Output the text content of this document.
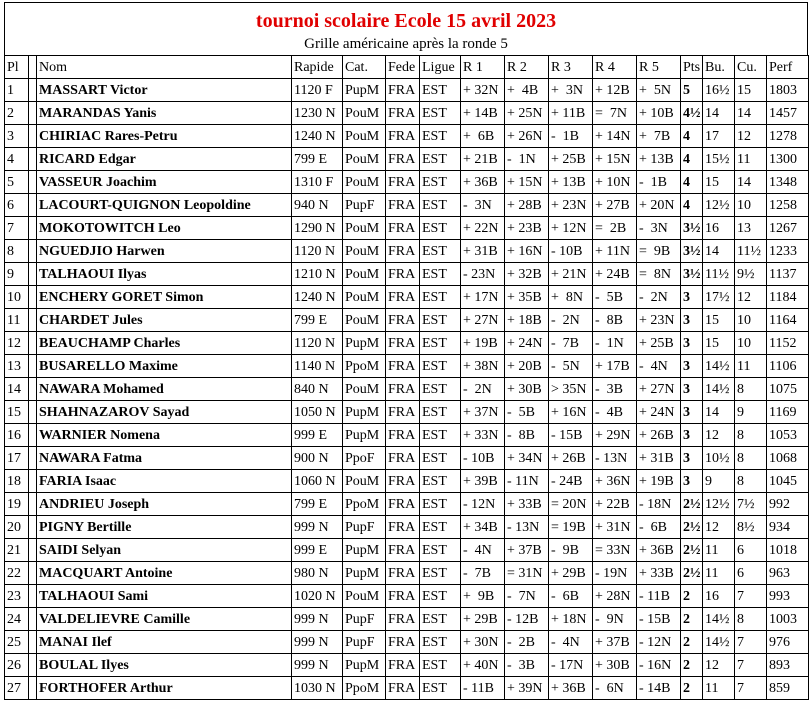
tournoi scolaire Ecole 15 avril 2023
Grille américaine après la ronde 5
Pl		Nom	Rapide	Cat.	Fede	Ligue	R 1	R 2	R 3	R 4	R 5	Pts	Bu.	Cu.	Perf
1		MASSART Victor	1120 F	PupM	FRA	EST	+ 32N	+  4B	+  3N	+ 12B	+  5N	5	16½	15	1803
2		MARANDAS Yanis	1230 N	PouM	FRA	EST	+ 14B	+ 25N	+ 11B	=  7N	+ 10B	4½	14	14	1457
3		CHIRIAC Rares-Petru	1240 N	PouM	FRA	EST	+  6B	+ 26N	-  1B	+ 14N	+  7B	4	17	12	1278
4		RICARD Edgar	799 E	PouM	FRA	EST	+ 21B	-  1N	+ 25B	+ 15N	+ 13B	4	15½	11	1300
5		VASSEUR Joachim	1310 F	PouM	FRA	EST	+ 36B	+ 15N	+ 13B	+ 10N	-  1B	4	15	14	1348
6		LACOURT-QUIGNON Leopoldine	940 N	PupF	FRA	EST	-  3N	+ 28B	+ 23N	+ 27B	+ 20N	4	12½	10	1258
7		MOKOTOWITCH Leo	1290 N	PouM	FRA	EST	+ 22N	+ 23B	+ 12N	=  2B	-  3N	3½	16	13	1267
8		NGUEDJIO Harwen	1120 N	PouM	FRA	EST	+ 31B	+ 16N	- 10B	+ 11N	=  9B	3½	14	11½	1233
9		TALHAOUI Ilyas	1210 N	PouM	FRA	EST	- 23N	+ 32B	+ 21N	+ 24B	=  8N	3½	11½	9½	1137
10		ENCHERY GORET Simon	1240 N	PouM	FRA	EST	+ 17N	+ 35B	+  8N	-  5B	-  2N	3	17½	12	1184
11		CHARDET Jules	799 E	PouM	FRA	EST	+ 27N	+ 18B	-  2N	-  8B	+ 23N	3	15	10	1164
12		BEAUCHAMP Charles	1120 N	PupM	FRA	EST	+ 19B	+ 24N	-  7B	-  1N	+ 25B	3	15	10	1152
13		BUSARELLO Maxime	1140 N	PpoM	FRA	EST	+ 38N	+ 20B	-  5N	+ 17B	-  4N	3	14½	11	1106
14		NAWARA Mohamed	840 N	PouM	FRA	EST	-  2N	+ 30B	> 35N	-  3B	+ 27N	3	14½	8	1075
15		SHAHNAZAROV Sayad	1050 N	PupM	FRA	EST	+ 37N	-  5B	+ 16N	-  4B	+ 24N	3	14	9	1169
16		WARNIER Nomena	999 E	PupM	FRA	EST	+ 33N	-  8B	- 15B	+ 29N	+ 26B	3	12	8	1053
17		NAWARA Fatma	900 N	PpoF	FRA	EST	- 10B	+ 34N	+ 26B	- 13N	+ 31B	3	10½	8	1068
18		FARIA Isaac	1060 N	PouM	FRA	EST	+ 39B	- 11N	- 24B	+ 36N	+ 19B	3	9	8	1045
19		ANDRIEU Joseph	799 E	PpoM	FRA	EST	- 12N	+ 33B	= 20N	+ 22B	- 18N	2½	12½	7½	992
20		PIGNY Bertille	999 N	PupF	FRA	EST	+ 34B	- 13N	= 19B	+ 31N	-  6B	2½	12	8½	934
21		SAIDI Selyan	999 E	PupM	FRA	EST	-  4N	+ 37B	-  9B	= 33N	+ 36B	2½	11	6	1018
22		MACQUART Antoine	980 N	PupM	FRA	EST	-  7B	= 31N	+ 29B	- 19N	+ 33B	2½	11	6	963
23		TALHAOUI Sami	1020 N	PouM	FRA	EST	+  9B	-  7N	-  6B	+ 28N	- 11B	2	16	7	993
24		VALDELIEVRE Camille	999 N	PupF	FRA	EST	+ 29B	- 12B	+ 18N	-  9N	- 15B	2	14½	8	1003
25		MANAI Ilef	999 N	PupF	FRA	EST	+ 30N	-  2B	-  4N	+ 37B	- 12N	2	14½	7	976
26		BOULAL Ilyes	999 N	PupM	FRA	EST	+ 40N	-  3B	- 17N	+ 30B	- 16N	2	12	7	893
27		FORTHOFER Arthur	1030 N	PpoM	FRA	EST	- 11B	+ 39N	+ 36B	-  6N	- 14B	2	11	7	859
